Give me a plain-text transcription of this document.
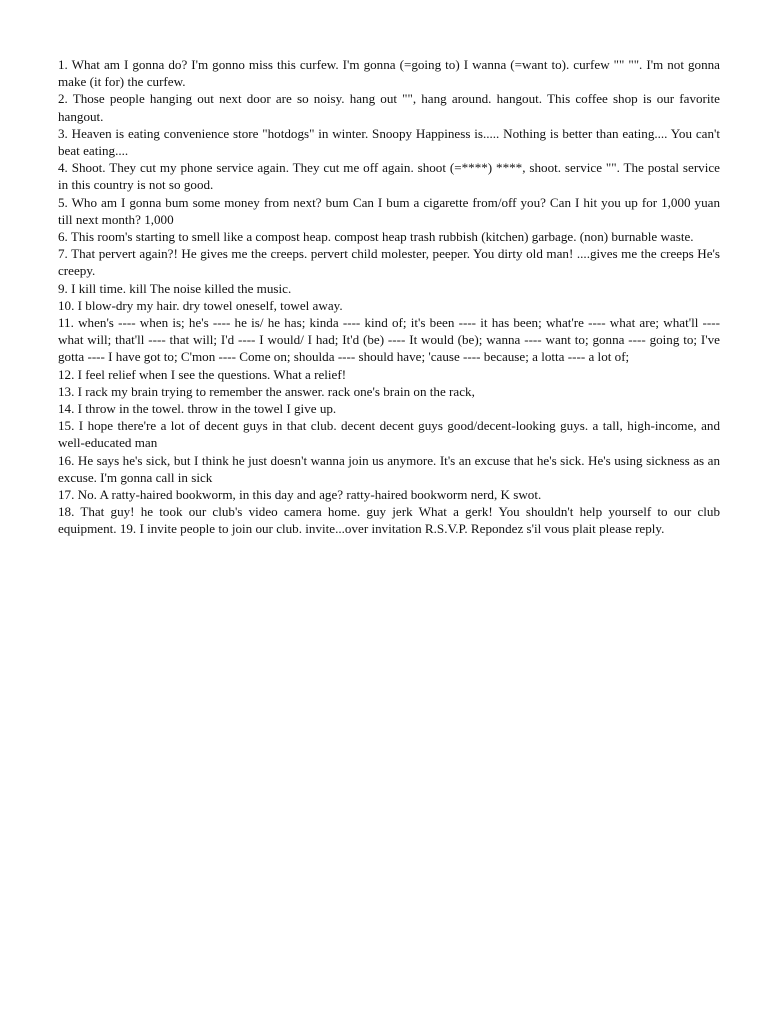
1. What am I gonna do? I'm gonno miss this curfew. I'm gonna (=going to) I wanna (=want to). curfew "" "". I'm not gonna make (it for) the curfew.

2. Those people hanging out next door are so noisy. hang out "", hang around. hangout. This coffee shop is our favorite hangout.

3. Heaven is eating convenience store "hotdogs" in winter. Snoopy Happiness is..... Nothing is better than eating.... You can't beat eating....

4. Shoot. They cut my phone service again. They cut me off again. shoot (=****) ****, shoot. service "". The postal service in this country is not so good.

5. Who am I gonna bum some money from next? bum Can I bum a cigarette from/off you? Can I hit you up for 1,000 yuan till next month? 1,000

6. This room's starting to smell like a compost heap. compost heap trash rubbish (kitchen) garbage. (non) burnable waste.

7. That pervert again?! He gives me the creeps. pervert child molester, peeper. You dirty old man! ....gives me the creeps He's creepy.

9. I kill time. kill The noise killed the music.

10. I blow-dry my hair. dry towel oneself, towel away.

11. when's ---- when is; he's ---- he is/ he has; kinda ---- kind of; it's been ---- it has been; what're ---- what are; what'll ---- what will; that'll ---- that will; I'd ---- I would/ I had; It'd (be) ---- It would (be); wanna ---- want to; gonna ---- going to; I've gotta ---- I have got to; C'mon ---- Come on; shoulda ---- should have; 'cause ---- because; a lotta ---- a lot of;

12. I feel relief when I see the questions. What a relief!

13. I rack my brain trying to remember the answer. rack one's brain on the rack,

14. I throw in the towel. throw in the towel I give up.

15. I hope there're a lot of decent guys in that club. decent decent guys good/decent-looking guys. a tall, high-income, and well-educated man

16. He says he's sick, but I think he just doesn't wanna join us anymore. It's an excuse that he's sick. He's using sickness as an excuse. I'm gonna call in sick

17. No. A ratty-haired bookworm, in this day and age? ratty-haired bookworm nerd, K swot.

18. That guy! he took our club's video camera home. guy jerk What a gerk! You shouldn't help yourself to our club equipment. 19. I invite people to join our club. invite...over invitation R.S.V.P. Repondez s'il vous plait please reply.
